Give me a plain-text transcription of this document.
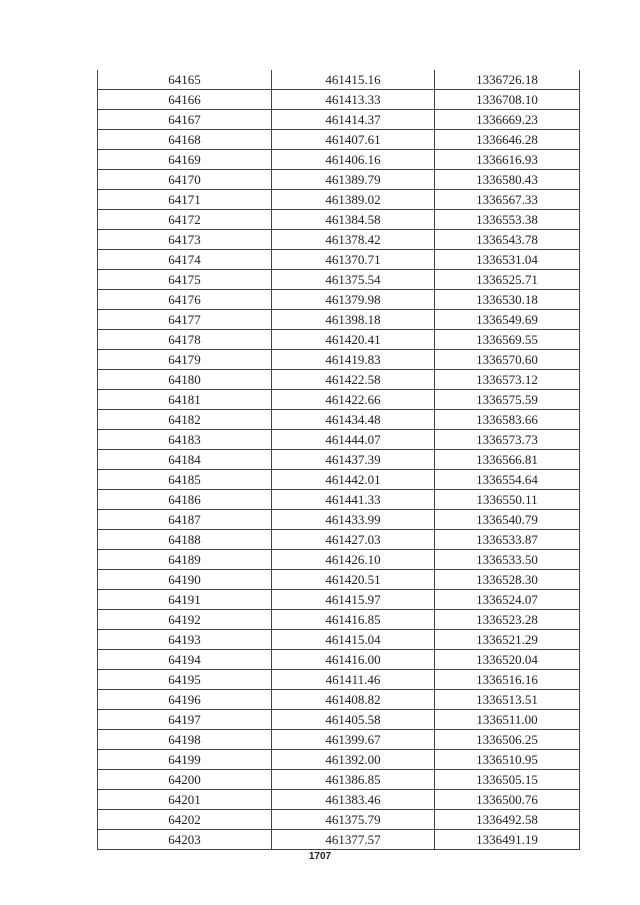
64165	461415.16	1336726.18
64166	461413.33	1336708.10
64167	461414.37	1336669.23
64168	461407.61	1336646.28
64169	461406.16	1336616.93
64170	461389.79	1336580.43
64171	461389.02	1336567.33
64172	461384.58	1336553.38
64173	461378.42	1336543.78
64174	461370.71	1336531.04
64175	461375.54	1336525.71
64176	461379.98	1336530.18
64177	461398.18	1336549.69
64178	461420.41	1336569.55
64179	461419.83	1336570.60
64180	461422.58	1336573.12
64181	461422.66	1336575.59
64182	461434.48	1336583.66
64183	461444.07	1336573.73
64184	461437.39	1336566.81
64185	461442.01	1336554.64
64186	461441.33	1336550.11
64187	461433.99	1336540.79
64188	461427.03	1336533.87
64189	461426.10	1336533.50
64190	461420.51	1336528.30
64191	461415.97	1336524.07
64192	461416.85	1336523.28
64193	461415.04	1336521.29
64194	461416.00	1336520.04
64195	461411.46	1336516.16
64196	461408.82	1336513.51
64197	461405.58	1336511.00
64198	461399.67	1336506.25
64199	461392.00	1336510.95
64200	461386.85	1336505.15
64201	461383.46	1336500.76
64202	461375.79	1336492.58
64203	461377.57	1336491.19
1707
